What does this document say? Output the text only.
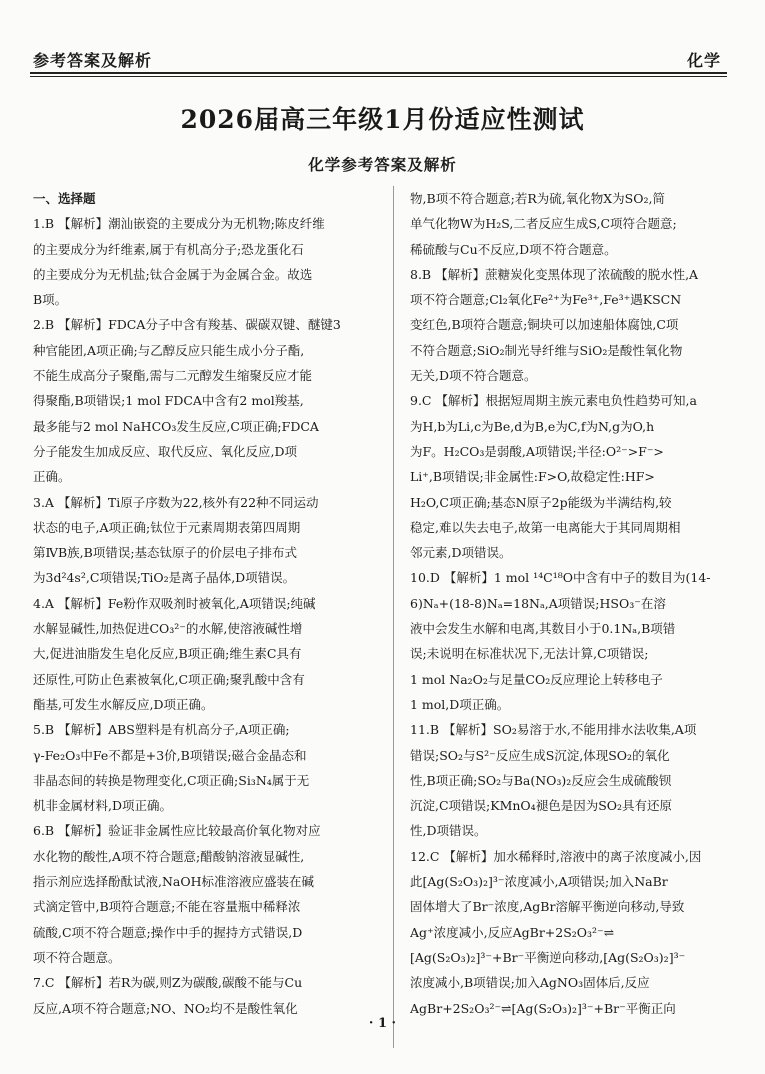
参考答案及解析	化学
2026届高三年级1月份适应性测试
化学参考答案及解析
一、选择题
1.B 【解析】潮汕嵌瓷的主要成分为无机物;陈皮纤维
的主要成分为纤维素,属于有机高分子;恐龙蛋化石
的主要成分为无机盐;钛合金属于为金属合金。故选
B项。
2.B 【解析】FDCA分子中含有羧基、碳碳双键、醚键3
种官能团,A项正确;与乙醇反应只能生成小分子酯,
不能生成高分子聚酯,需与二元醇发生缩聚反应才能
得聚酯,B项错误;1 mol FDCA中含有2 mol羧基,
最多能与2 mol NaHCO₃发生反应,C项正确;FDCA
分子能发生加成反应、取代反应、氧化反应,D项
正确。
3.A 【解析】Ti原子序数为22,核外有22种不同运动
状态的电子,A项正确;钛位于元素周期表第四周期
第ⅣB族,B项错误;基态钛原子的价层电子排布式
为3d²4s²,C项错误;TiO₂是离子晶体,D项错误。
4.A 【解析】Fe粉作双吸剂时被氧化,A项错误;纯碱
水解显碱性,加热促进CO₃²⁻的水解,使溶液碱性增
大,促进油脂发生皂化反应,B项正确;维生素C具有
还原性,可防止色素被氧化,C项正确;聚乳酸中含有
酯基,可发生水解反应,D项正确。
5.B 【解析】ABS塑料是有机高分子,A项正确;
γ-Fe₂O₃中Fe不都是+3价,B项错误;磁合金晶态和
非晶态间的转换是物理变化,C项正确;Si₃N₄属于无
机非金属材料,D项正确。
6.B 【解析】验证非金属性应比较最高价氧化物对应
水化物的酸性,A项不符合题意;醋酸钠溶液显碱性,
指示剂应选择酚酞试液,NaOH标准溶液应盛装在碱
式滴定管中,B项符合题意;不能在容量瓶中稀释浓
硫酸,C项不符合题意;操作中手的握持方式错误,D
项不符合题意。
7.C 【解析】若R为碳,则Z为碳酸,碳酸不能与Cu
反应,A项不符合题意;NO、NO₂均不是酸性氧化
物,B项不符合题意;若R为硫,氧化物X为SO₂,简
单气化物W为H₂S,二者反应生成S,C项符合题意;
稀硫酸与Cu不反应,D项不符合题意。
8.B 【解析】蔗糖炭化变黑体现了浓硫酸的脱水性,A
项不符合题意;Cl₂氧化Fe²⁺为Fe³⁺,Fe³⁺遇KSCN
变红色,B项符合题意;铜块可以加速船体腐蚀,C项
不符合题意;SiO₂制光导纤维与SiO₂是酸性氧化物
无关,D项不符合题意。
9.C 【解析】根据短周期主族元素电负性趋势可知,a
为H,b为Li,c为Be,d为B,e为C,f为N,g为O,h
为F。H₂CO₃是弱酸,A项错误;半径:O²⁻>F⁻>
Li⁺,B项错误;非金属性:F>O,故稳定性:HF>
H₂O,C项正确;基态N原子2p能级为半满结构,较
稳定,难以失去电子,故第一电离能大于其同周期相
邻元素,D项错误。
10.D 【解析】1 mol ¹⁴C¹⁸O中含有中子的数目为(14-
6)Nₐ+(18-8)Nₐ=18Nₐ,A项错误;HSO₃⁻在溶
液中会发生水解和电离,其数目小于0.1Nₐ,B项错
误;未说明在标准状况下,无法计算,C项错误;
1 mol Na₂O₂与足量CO₂反应理论上转移电子
1 mol,D项正确。
11.B 【解析】SO₂易溶于水,不能用排水法收集,A项
错误;SO₂与S²⁻反应生成S沉淀,体现SO₂的氧化
性,B项正确;SO₂与Ba(NO₃)₂反应会生成硫酸钡
沉淀,C项错误;KMnO₄褪色是因为SO₂具有还原
性,D项错误。
12.C 【解析】加水稀释时,溶液中的离子浓度减小,因
此[Ag(S₂O₃)₂]³⁻浓度减小,A项错误;加入NaBr
固体增大了Br⁻浓度,AgBr溶解平衡逆向移动,导致
Ag⁺浓度减小,反应AgBr+2S₂O₃²⁻⇌
[Ag(S₂O₃)₂]³⁻+Br⁻平衡逆向移动,[Ag(S₂O₃)₂]³⁻
浓度减小,B项错误;加入AgNO₃固体后,反应
AgBr+2S₂O₃²⁻⇌[Ag(S₂O₃)₂]³⁻+Br⁻平衡正向
· 1 ·
